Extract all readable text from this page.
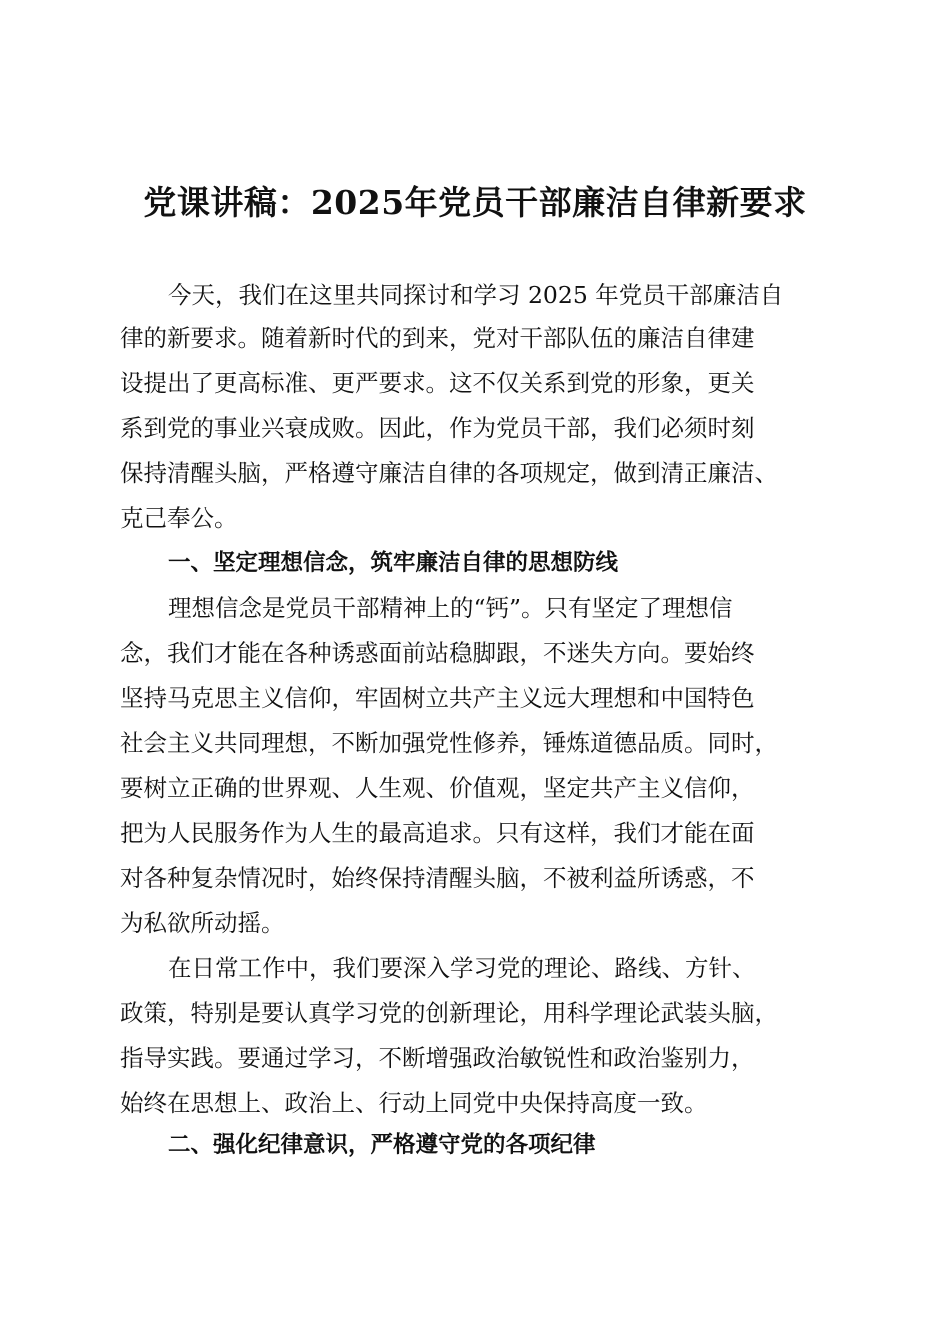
党课讲稿：2025年党员干部廉洁自律新要求

今天，我们在这里共同探讨和学习 2025 年党员干部廉洁自

律的新要求。随着新时代的到来，党对干部队伍的廉洁自律建

设提出了更高标准、更严要求。这不仅关系到党的形象，更关

系到党的事业兴衰成败。因此，作为党员干部，我们必须时刻

保持清醒头脑，严格遵守廉洁自律的各项规定，做到清正廉洁、

克己奉公。

一、坚定理想信念，筑牢廉洁自律的思想防线

理想信念是党员干部精神上的“钙”。只有坚定了理想信

念，我们才能在各种诱惑面前站稳脚跟，不迷失方向。要始终

坚持马克思主义信仰，牢固树立共产主义远大理想和中国特色

社会主义共同理想，不断加强党性修养，锤炼道德品质。同时，

要树立正确的世界观、人生观、价值观，坚定共产主义信仰，

把为人民服务作为人生的最高追求。只有这样，我们才能在面

对各种复杂情况时，始终保持清醒头脑，不被利益所诱惑，不

为私欲所动摇。

在日常工作中，我们要深入学习党的理论、路线、方针、

政策，特别是要认真学习党的创新理论，用科学理论武装头脑，

指导实践。要通过学习，不断增强政治敏锐性和政治鉴别力，

始终在思想上、政治上、行动上同党中央保持高度一致。

二、强化纪律意识，严格遵守党的各项纪律
